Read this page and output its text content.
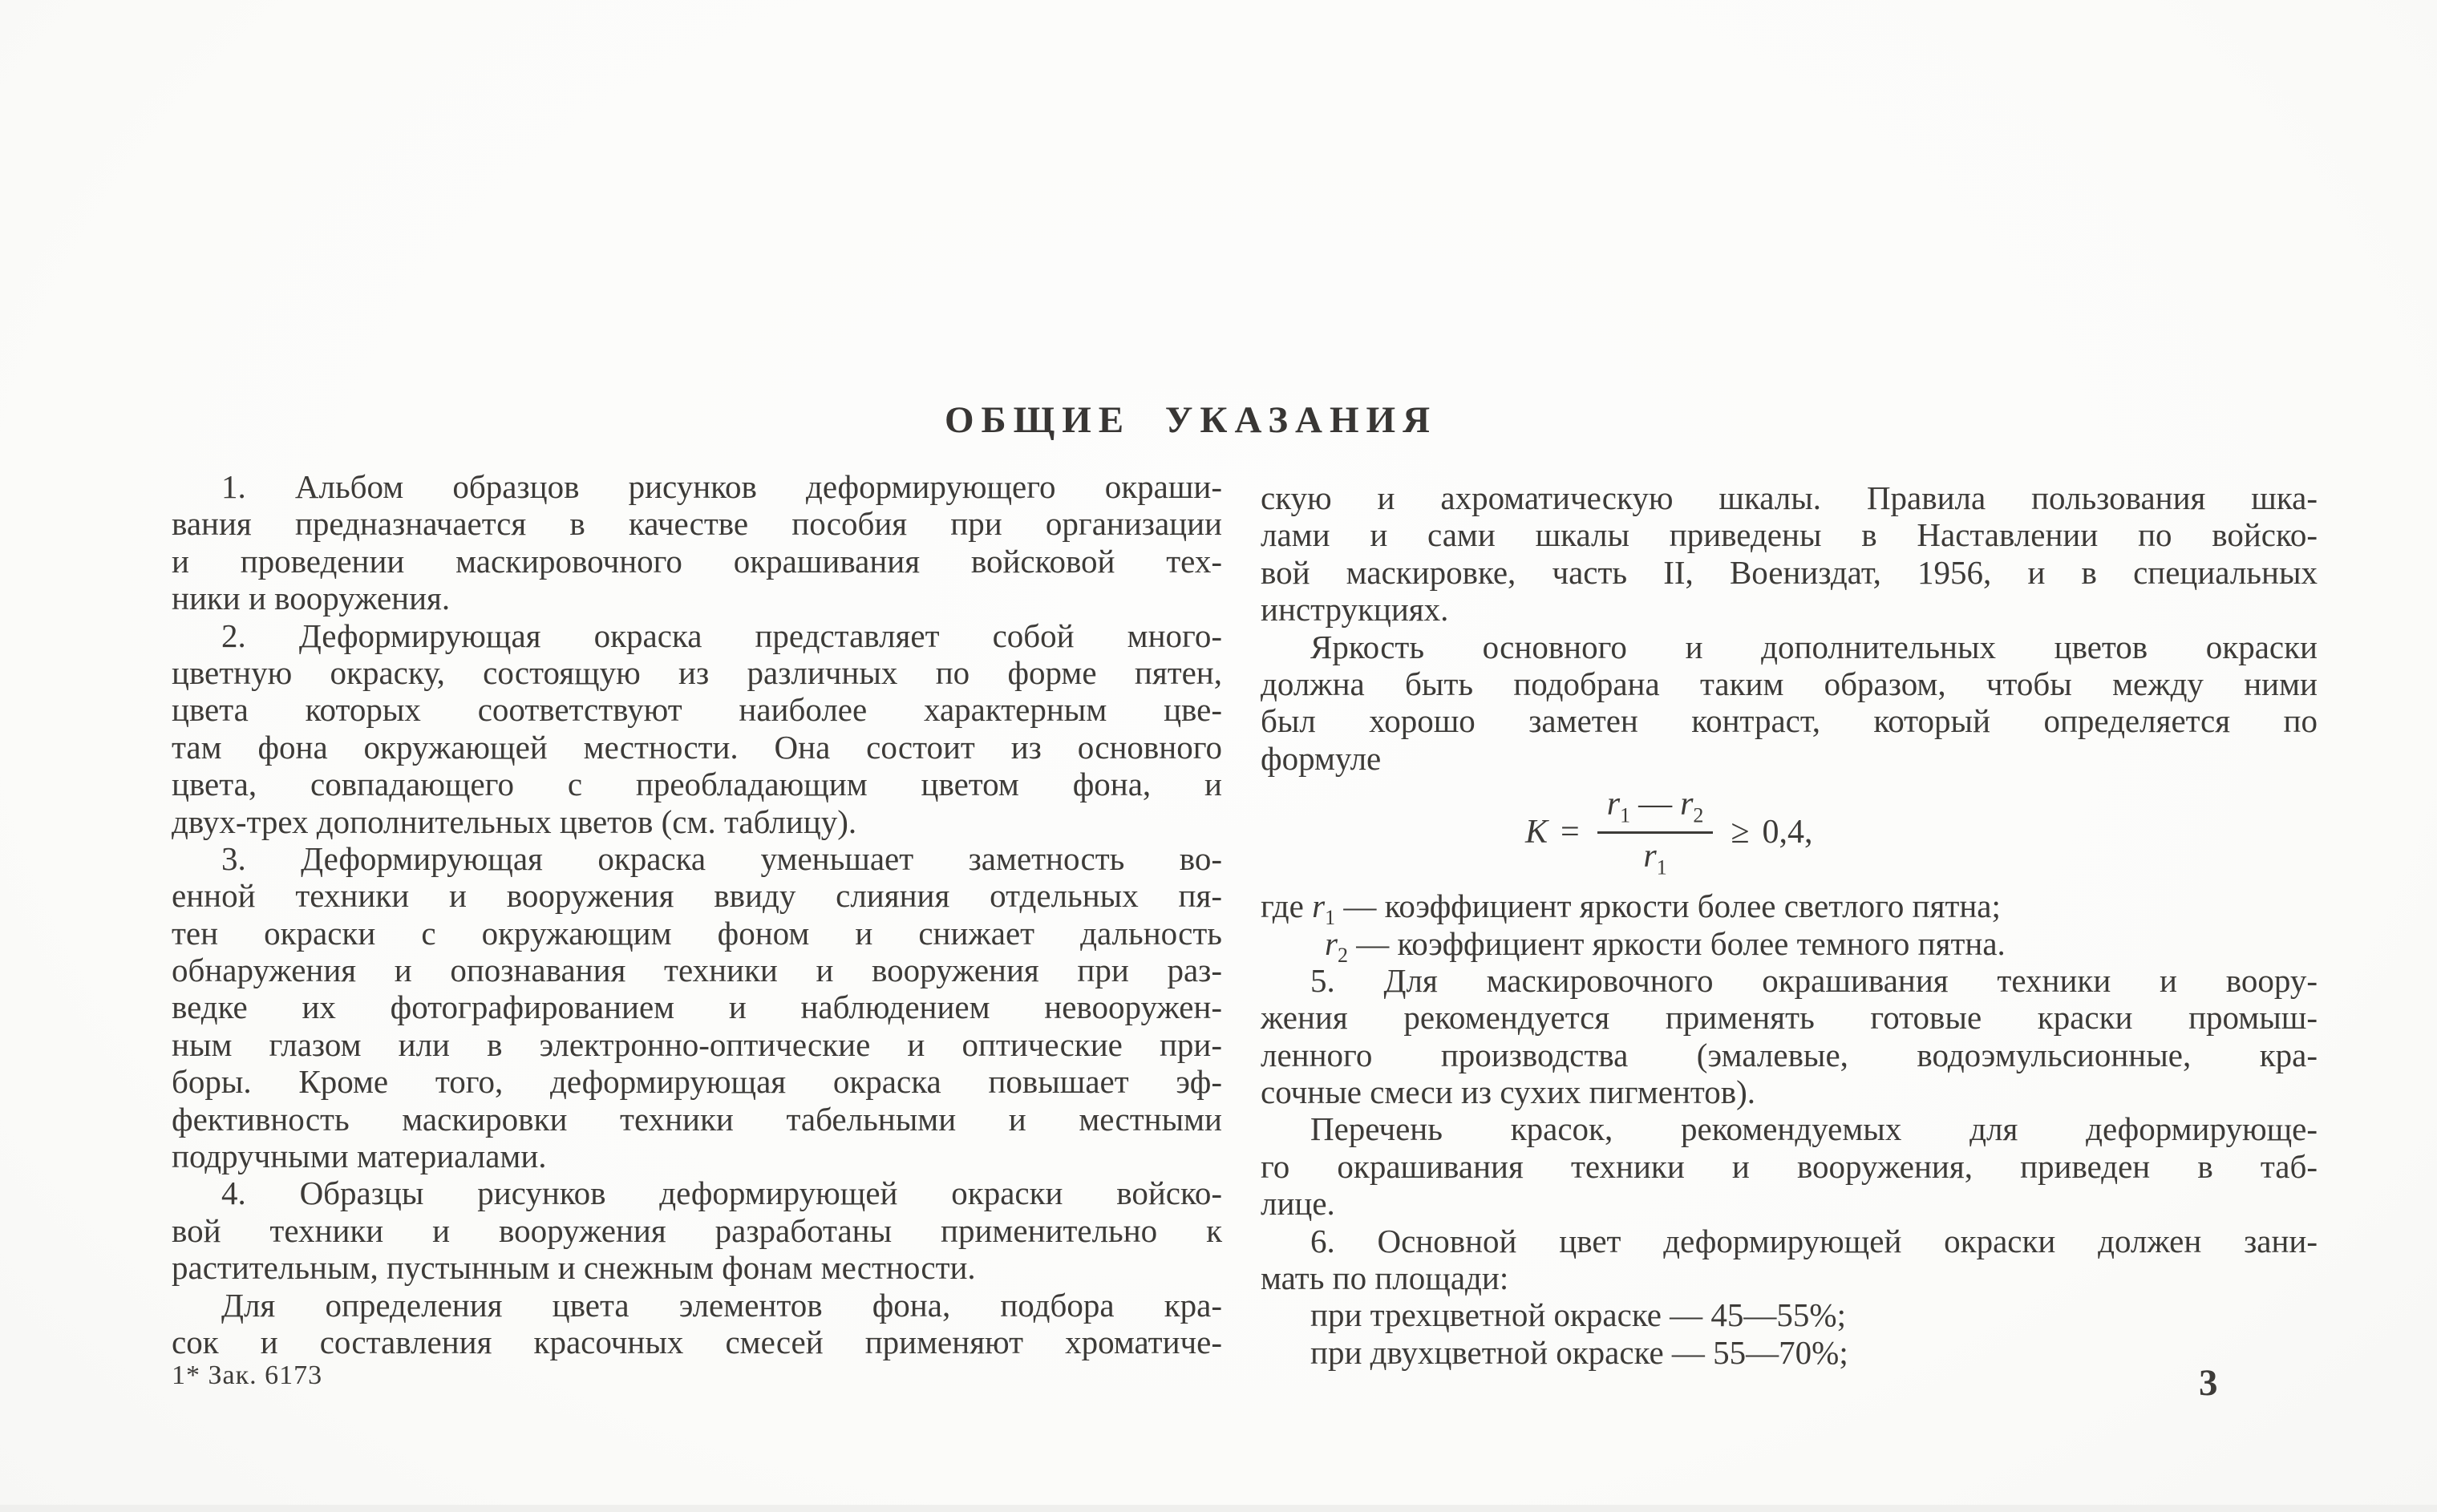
ОБЩИЕ УКАЗАНИЯ
1. Альбом образцов рисунков деформирующего окраши-
вания предназначается в качестве пособия при организации
и проведении маскировочного окрашивания войсковой тех-
ники и вооружения.
2. Деформирующая окраска представляет собой много-
цветную окраску, состоящую из различных по форме пятен,
цвета которых соответствуют наиболее характерным цве-
там фона окружающей местности. Она состоит из основного
цвета, совпадающего с преобладающим цветом фона, и
двух-трех дополнительных цветов (см. таблицу).
3. Деформирующая окраска уменьшает заметность во-
енной техники и вооружения ввиду слияния отдельных пя-
тен окраски с окружающим фоном и снижает дальность
обнаружения и опознавания техники и вооружения при раз-
ведке их фотографированием и наблюдением невооружен-
ным глазом или в электронно-оптические и оптические при-
боры. Кроме того, деформирующая окраска повышает эф-
фективность маскировки техники табельными и местными
подручными материалами.
4. Образцы рисунков деформирующей окраски войско-
вой техники и вооружения разработаны применительно к
растительным, пустынным и снежным фонам местности.
Для определения цвета элементов фона, подбора кра-
сок и составления красочных смесей применяют хроматиче-
скую и ахроматическую шкалы. Правила пользования шка-
лами и сами шкалы приведены в Наставлении по войско-
вой маскировке, часть II, Воениздат, 1956, и в специальных
инструкциях.
Яркость основного и дополнительных цветов окраски
должна быть подобрана таким образом, чтобы между ними
был хорошо заметен контраст, который определяется по
формуле
$K = \frac{r_1 — r_2}{r_1} \ge 0,4$,
где $r_1$ — коэффициент яркости более светлого пятна;
$r_2$ — коэффициент яркости более темного пятна.
5. Для маскировочного окрашивания техники и воору-
жения рекомендуется применять готовые краски промыш-
ленного производства (эмалевые, водоэмульсионные, кра-
сочные смеси из сухих пигментов).
Перечень красок, рекомендуемых для деформирующе-
го окрашивания техники и вооружения, приведен в таб-
лице.
6. Основной цвет деформирующей окраски должен зани-
мать по площади:
при трехцветной окраске — 45—55%;
при двухцветной окраске — 55—70%;
1* Зак. 6173	3
